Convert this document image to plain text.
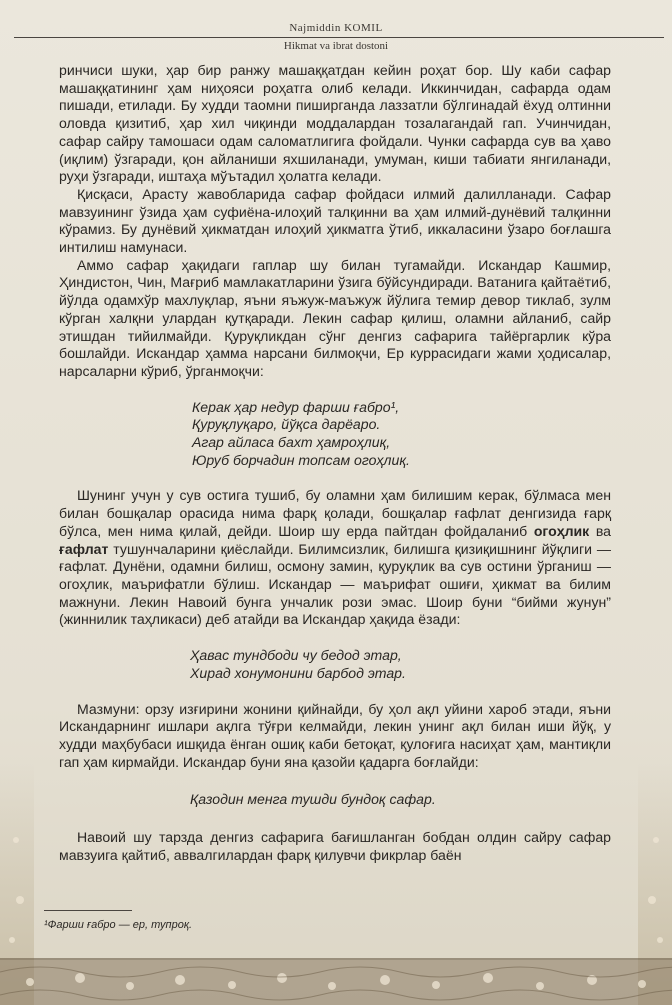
Najmiddin KOMIL
Hikmat va ibrat dostoni

ринчиси шуки, ҳар бир ранжу машаққатдан кейин роҳат бор. Шу каби сафар машаққатининг ҳам ниҳояси роҳатга олиб келади. Иккинчидан, сафарда одам пишади, етилади. Бу худди таомни пиширганда лаззатли бўлгинадай ёхуд олтинни оловда қизитиб, ҳар хил чиқинди моддалардан тозалагандай гап. Учинчидан, сафар сайру тамошаси одам саломатлигига фойдали. Чунки сафарда сув ва ҳаво (иқлим) ўзгаради, қон айланиши яхшиланади, умуман, киши табиати янгиланади, руҳи ўзгаради, иштаҳа мўътадил ҳолатга келади.

Қисқаси, Арасту жавобларида сафар фойдаси илмий далилланади. Сафар мавзуининг ўзида ҳам суфиёна-илоҳий талқинни ва ҳам илмий-дунёвий талқинни кўрамиз. Бу дунёвий ҳикматдан илоҳий ҳикматга ўтиб, иккаласини ўзаро боғлашга интилиш намунаси.

Аммо сафар ҳақидаги гаплар шу билан тугамайди. Искандар Кашмир, Ҳиндистон, Чин, Мағриб мамлакатларини ўзига бўйсундиради. Ватанига қайтаётиб, йўлда одамхўр махлуқлар, яъни яъжуж-маъжуж йўлига темир девор тиклаб, зулм кўрган халқни улардан қутқаради. Лекин сафар қилиш, оламни айланиб, сайр этишдан тийилмайди. Қуруқликдан сўнг денгиз сафарига тайёргарлик кўра бошлайди. Искандар ҳамма нарсани билмоқчи, Ер куррасидаги жами ҳодисалар, нарсаларни кўриб, ўрганмоқчи:

Керак ҳар недур фарши ғабро¹,
Қуруқлуқаро, йўқса дарёаро.
Агар айласа бахт ҳамроҳлиқ,
Юруб борчадин топсам огоҳлиқ.

Шунинг учун у сув остига тушиб, бу оламни ҳам билишим керак, бўлмаса мен билан бошқалар орасида нима фарқ қолади, бошқалар ғафлат денгизида ғарқ бўлса, мен нима қилай, дейди. Шоир шу ерда пайтдан фойдаланиб огоҳлик ва ғафлат тушунчаларини қиёслайди. Билимсизлик, билишга қизиқишнинг йўқлиги — ғафлат. Дунёни, одамни билиш, осмону замин, қуруқлик ва сув остини ўрганиш — огоҳлик, маърифатли бўлиш. Искандар — маърифат ошиғи, ҳикмат ва билим мажнуни. Лекин Навоий бунга унчалик рози эмас. Шоир буни “бийми жунун” (жиннилик таҳликаси) деб атайди ва Искандар ҳақида ёзади:

Ҳавас тундбоди чу бедод этар,
Хирад хонумонини барбод этар.

Мазмуни: орзу изғирини жонини қийнайди, бу ҳол ақл уйини хароб этади, яъни Искандарнинг ишлари ақлга тўғри келмайди, лекин унинг ақл билан иши йўқ, у худди маҳбубаси ишқида ёнган ошиқ каби бетоқат, қулоғига насиҳат ҳам, мантиқли гап ҳам кирмайди. Искандар буни яна қазойи қадарга боғлайди:

Қазодин менга тушди бундоқ сафар.

Навоий шу тарзда денгиз сафарига бағишланган бобдан олдин сайру сафар мавзуига қайтиб, аввалгилардан фарқ қилувчи фикрлар баён

¹Фарши ғабро — ер, тупроқ.
